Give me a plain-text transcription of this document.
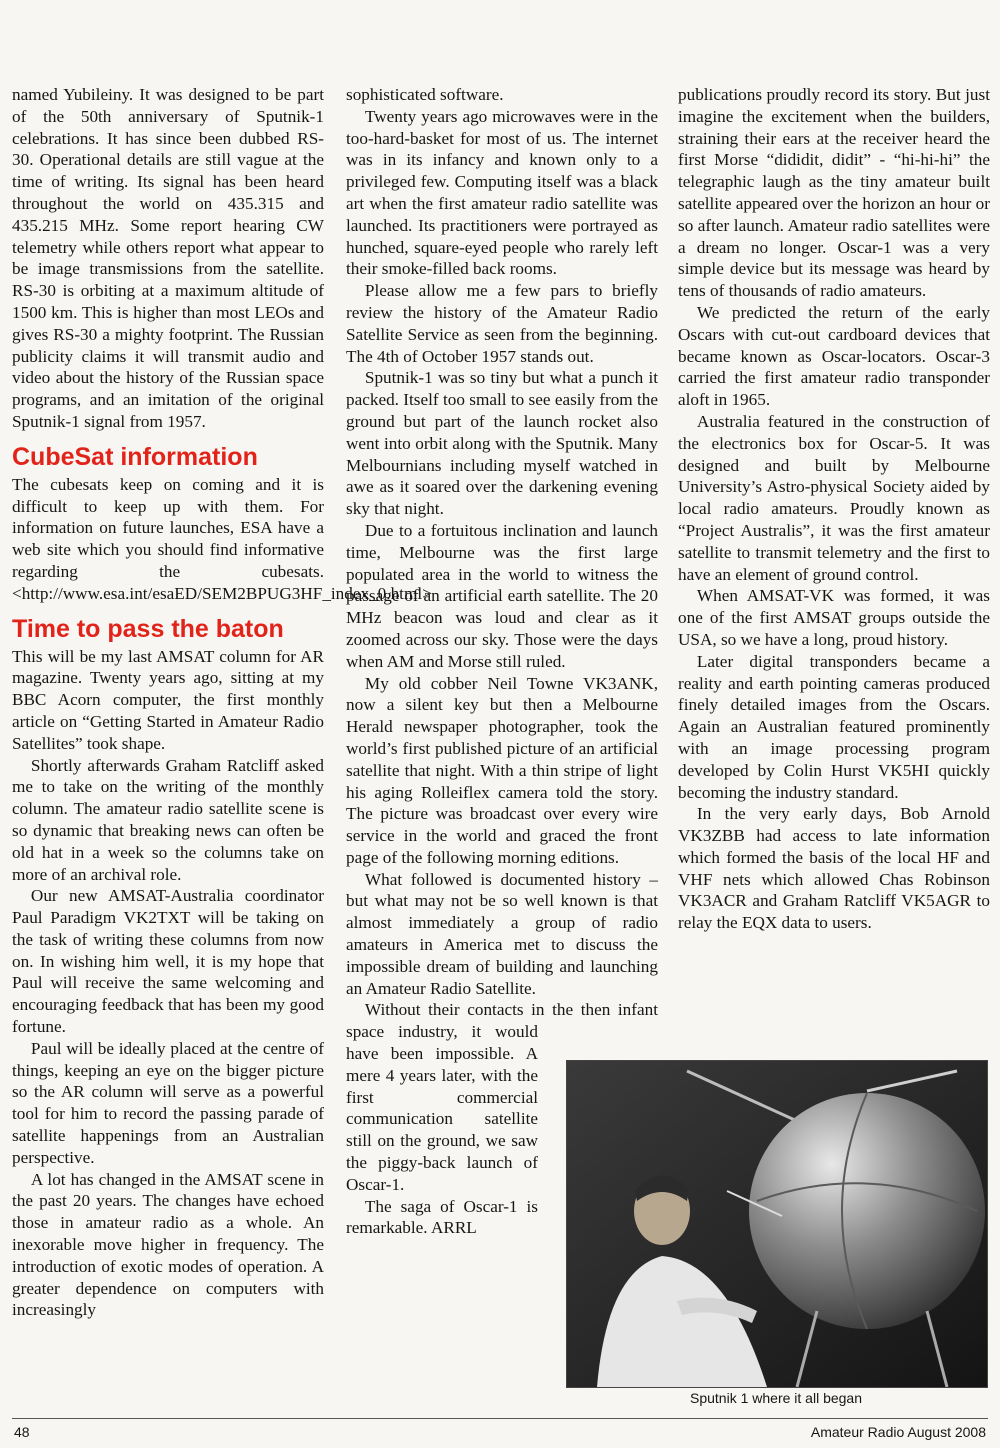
named Yubileiny. It was designed to be part of the 50th anniversary of Sputnik-1 celebrations. It has since been dubbed RS-30. Operational details are still vague at the time of writing. Its signal has been heard throughout the world on 435.315 and 435.215 MHz. Some report hearing CW telemetry while others report what appear to be image transmissions from the satellite. RS-30 is orbiting at a maximum altitude of 1500 km. This is higher than most LEOs and gives RS-30 a mighty footprint. The Russian publicity claims it will transmit audio and video about the history of the Russian space programs, and an imitation of the original Sputnik-1 signal from 1957.

CubeSat information

The cubesats keep on coming and it is difficult to keep up with them. For information on future launches, ESA have a web site which you should find informative regarding the cubesats. <http://www.esa.int/esaED/SEM2BPUG3HF_index_0.html>

Time to pass the baton

This will be my last AMSAT column for AR magazine. Twenty years ago, sitting at my BBC Acorn computer, the first monthly article on “Getting Started in Amateur Radio Satellites” took shape.

Shortly afterwards Graham Ratcliff asked me to take on the writing of the monthly column. The amateur radio satellite scene is so dynamic that breaking news can often be old hat in a week so the columns take on more of an archival role.

Our new AMSAT-Australia coordinator Paul Paradigm VK2TXT will be taking on the task of writing these columns from now on. In wishing him well, it is my hope that Paul will receive the same welcoming and encouraging feedback that has been my good fortune.

Paul will be ideally placed at the centre of things, keeping an eye on the bigger picture so the AR column will serve as a powerful tool for him to record the passing parade of satellite happenings from an Australian perspective.

A lot has changed in the AMSAT scene in the past 20 years. The changes have echoed those in amateur radio as a whole. An inexorable move higher in frequency. The introduction of exotic modes of operation. A greater dependence on computers with increasingly

sophisticated software.

Twenty years ago microwaves were in the too-hard-basket for most of us. The internet was in its infancy and known only to a privileged few. Computing itself was a black art when the first amateur radio satellite was launched. Its practitioners were portrayed as hunched, square-eyed people who rarely left their smoke-filled back rooms.

Please allow me a few pars to briefly review the history of the Amateur Radio Satellite Service as seen from the beginning. The 4th of October 1957 stands out.

Sputnik-1 was so tiny but what a punch it packed. Itself too small to see easily from the ground but part of the launch rocket also went into orbit along with the Sputnik. Many Melbournians including myself watched in awe as it soared over the darkening evening sky that night.

Due to a fortuitous inclination and launch time, Melbourne was the first large populated area in the world to witness the passage of an artificial earth satellite. The 20 MHz beacon was loud and clear as it zoomed across our sky. Those were the days when AM and Morse still ruled.

My old cobber Neil Towne VK3ANK, now a silent key but then a Melbourne Herald newspaper photographer, took the world’s first published picture of an artificial satellite that night. With a thin stripe of light his aging Rolleiflex camera told the story. The picture was broadcast over every wire service in the world and graced the front page of the following morning editions.

What followed is documented history – but what may not be so well known is that almost immediately a group of radio amateurs in America met to discuss the impossible dream of building and launching an Amateur Radio Satellite.

Without their contacts in the then infant space industry, it would have been impossible. A mere 4 years later, with the first commercial communication satellite still on the ground, we saw the piggy-back launch of Oscar-1.

The saga of Oscar-1 is remarkable. ARRL

publications proudly record its story. But just imagine the excitement when the builders, straining their ears at the receiver heard the first Morse “dididit, didit” - “hi-hi-hi” the telegraphic laugh as the tiny amateur built satellite appeared over the horizon an hour or so after launch. Amateur radio satellites were a dream no longer. Oscar-1 was a very simple device but its message was heard by tens of thousands of radio amateurs.

We predicted the return of the early Oscars with cut-out cardboard devices that became known as Oscar-locators. Oscar-3 carried the first amateur radio transponder aloft in 1965.

Australia featured in the construction of the electronics box for Oscar-5. It was designed and built by Melbourne University’s Astro-physical Society aided by local radio amateurs. Proudly known as “Project Australis”, it was the first amateur satellite to transmit telemetry and the first to have an element of ground control.

When AMSAT-VK was formed, it was one of the first AMSAT groups outside the USA, so we have a long, proud history.

Later digital transponders became a reality and earth pointing cameras produced finely detailed images from the Oscars. Again an Australian featured prominently with an image processing program developed by Colin Hurst VK5HI quickly becoming the industry standard.

In the very early days, Bob Arnold VK3ZBB had access to late information which formed the basis of the local HF and VHF nets which allowed Chas Robinson VK3ACR and Graham Ratcliff VK5AGR to relay the EQX data to users.

Sputnik 1 where it all began
48	Amateur Radio August 2008
